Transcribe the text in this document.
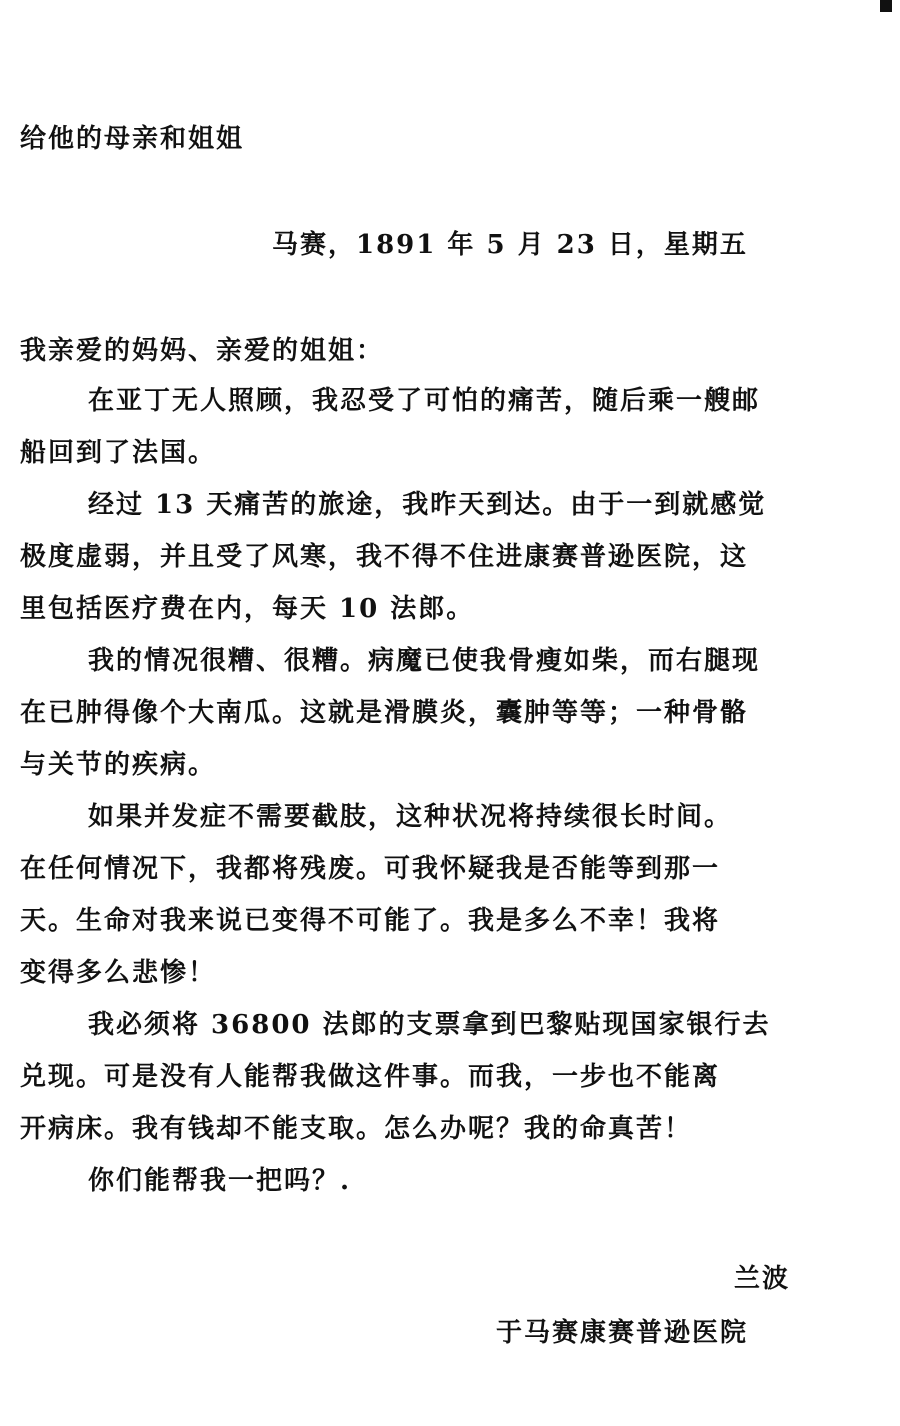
给他的母亲和姐姐
马赛，1891 年 5 月 23 日，星期五
我亲爱的妈妈、亲爱的姐姐：
在亚丁无人照顾，我忍受了可怕的痛苦，随后乘一艘邮
船回到了法国。
经过 13 天痛苦的旅途，我昨天到达。由于一到就感觉
极度虚弱，并且受了风寒，我不得不住进康赛普逊医院，这
里包括医疗费在内，每天 10 法郎。
我的情况很糟、很糟。病魔已使我骨瘦如柴，而右腿现
在已肿得像个大南瓜。这就是滑膜炎，囊肿等等；一种骨骼
与关节的疾病。
如果并发症不需要截肢，这种状况将持续很长时间。
在任何情况下，我都将残废。可我怀疑我是否能等到那一
天。生命对我来说已变得不可能了。我是多么不幸！我将
变得多么悲惨！
我必须将 36800 法郎的支票拿到巴黎贴现国家银行去
兑现。可是没有人能帮我做这件事。而我，一步也不能离
开病床。我有钱却不能支取。怎么办呢？我的命真苦！
你们能帮我一把吗？.
兰波
于马赛康赛普逊医院
